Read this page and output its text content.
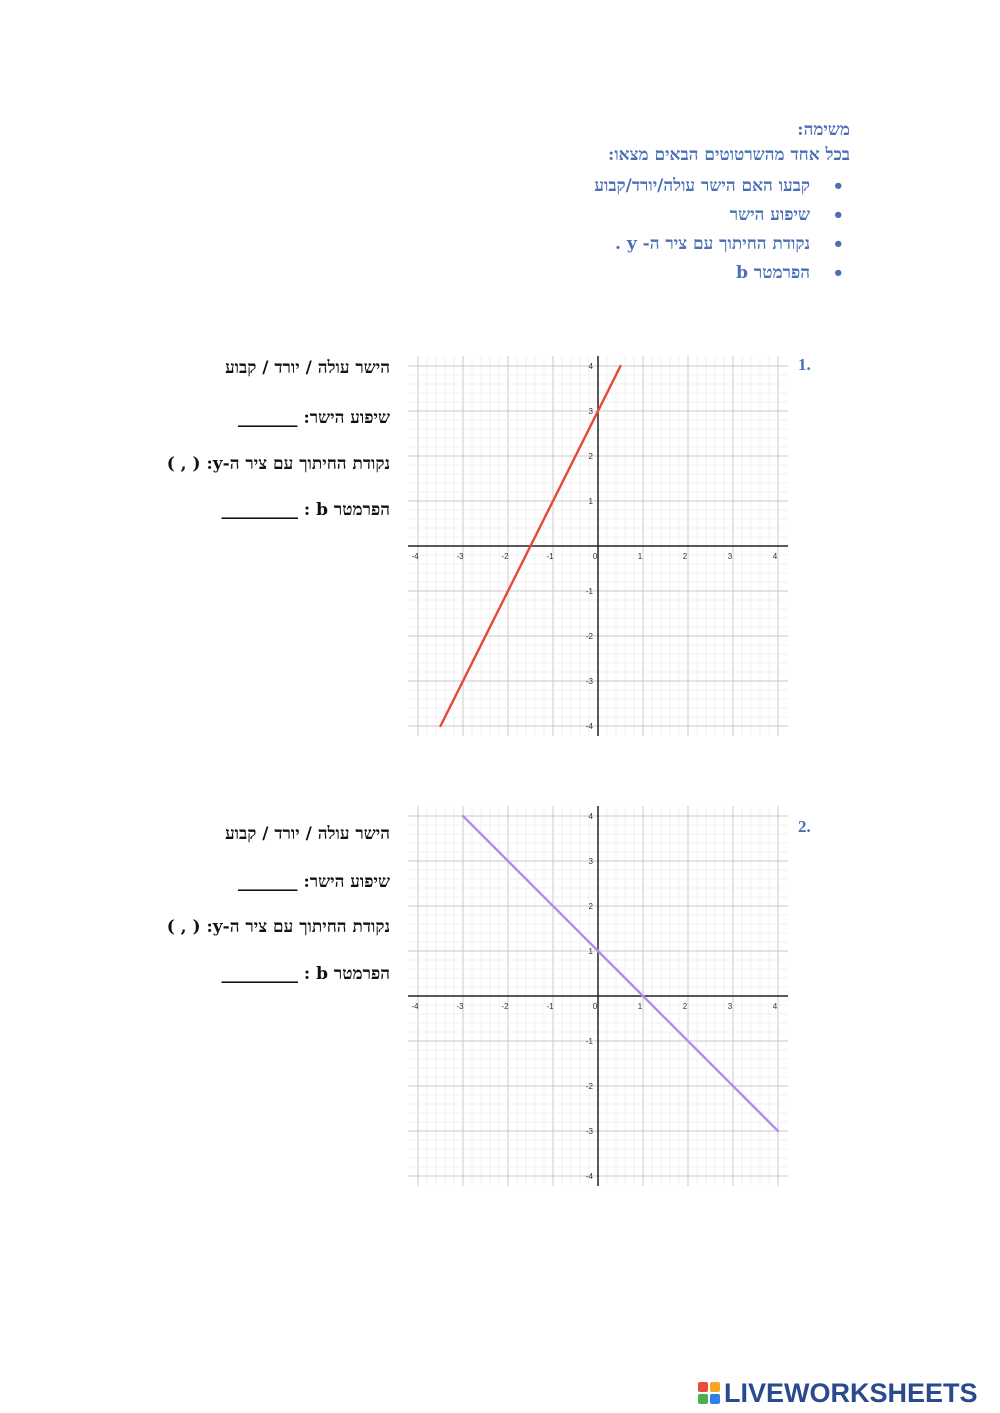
משימה:
בכל אחד מהשרטוטים הבאים מצאו:
• קבעו האם הישר עולה/יורד/קבוע
• שיפוע הישר
• נקודת החיתוך עם ציר ה- y .
• הפרמטר b
1.
הישר עולה / יורד / קבוע
שיפוע הישר: _______
נקודת החיתוך עם ציר ה-y: ( , )
הפרמטר b : _________
-4	-3	-2	-1	0	1	2	3	4
-4
-3
-2
-1
1
2
3
4
2.
הישר עולה / יורד / קבוע
שיפוע הישר: _______
נקודת החיתוך עם ציר ה-y: ( , )
הפרמטר b : _________
-4	-3	-2	-1	0	1	2	3	4
-4
-3
-2
-1
1
2
3
4
LIVEWORKSHEETS
